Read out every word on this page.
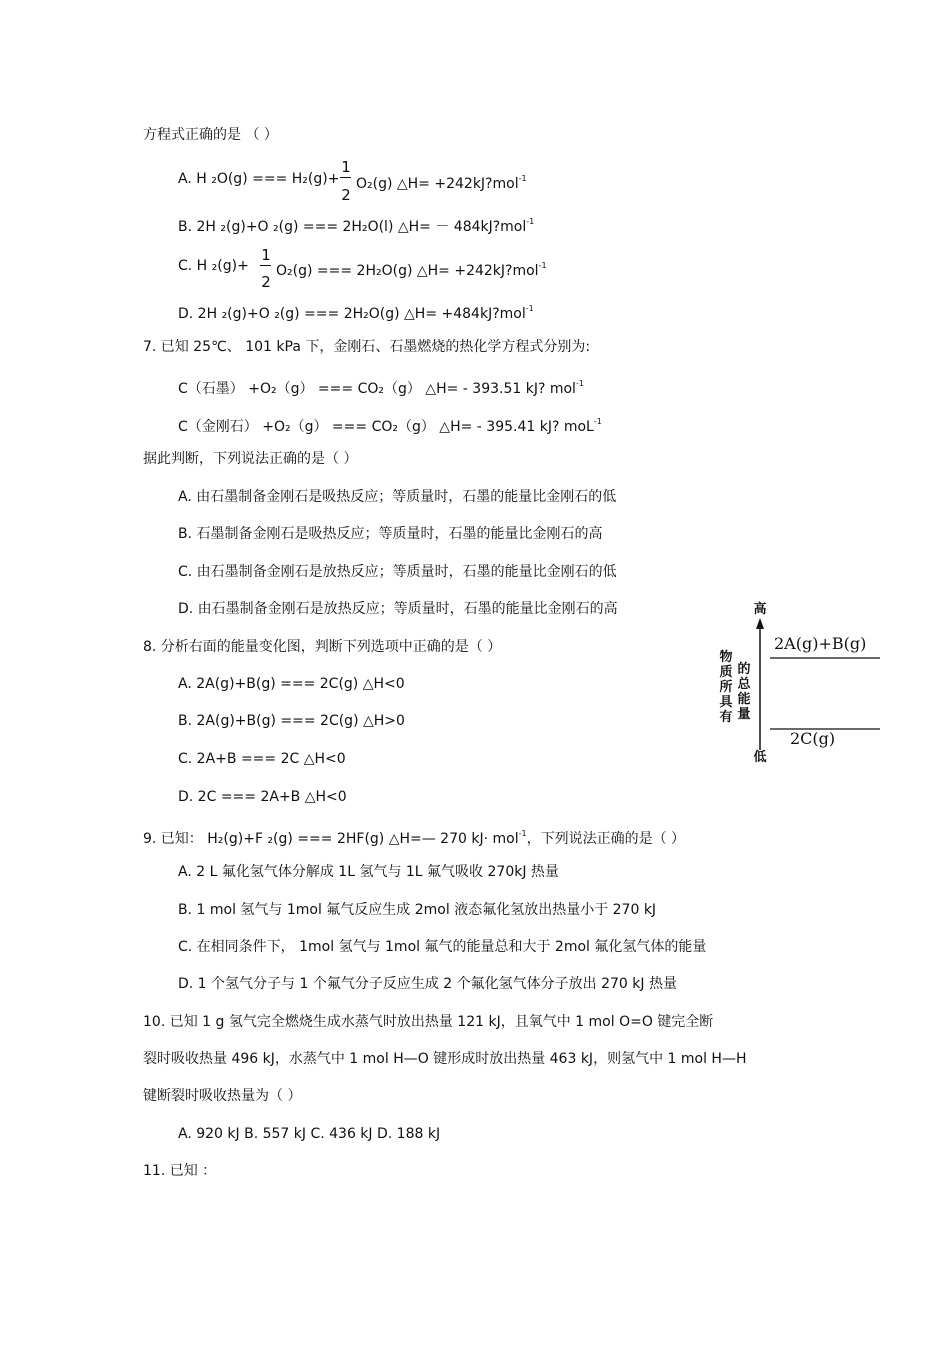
方程式正确的是 （ ）
A. H ₂O(g) === H₂(g)+
1
2
O₂(g) △H= +242kJ?mol$^{-1}$
B. 2H ₂(g)+O ₂(g) === 2H₂O(l) △H= － 484kJ?mol$^{-1}$
C. H ₂(g)+
1
2
O₂(g) === 2H₂O(g) △H= +242kJ?mol$^{-1}$
D. 2H ₂(g)+O ₂(g) === 2H₂O(g) △H= +484kJ?mol$^{-1}$
7. 已知 25℃、 101 kPa 下，金刚石、石墨燃烧的热化学方程式分别为:
C（石墨） +O₂（g） === CO₂（g） △H= - 393.51 kJ? mol$^{-1}$
C（金刚石） +O₂（g） === CO₂（g） △H= - 395.41 kJ? moL$^{-1}$
据此判断，下列说法正确的是（ ）
A. 由石墨制备金刚石是吸热反应；等质量时，石墨的能量比金刚石的低
B. 石墨制备金刚石是吸热反应；等质量时，石墨的能量比金刚石的高
C. 由石墨制备金刚石是放热反应；等质量时，石墨的能量比金刚石的低
D. 由石墨制备金刚石是放热反应；等质量时，石墨的能量比金刚石的高
8. 分析右面的能量变化图，判断下列选项中正确的是（ ）
A. 2A(g)+B(g) === 2C(g) △H<0
B. 2A(g)+B(g) === 2C(g) △H>0
C. 2A+B === 2C △H<0
D. 2C === 2A+B △H<0
高
低
物
质
所
具
有
的
总
能
量
2A(g)+B(g)
2C(g)
9. 已知： H₂(g)+F ₂(g) === 2HF(g) △H=— 270 kJ· mol$^{-1}$，下列说法正确的是（ ）
A. 2 L 氟化氢气体分解成 1L 氢气与 1L 氟气吸收 270kJ 热量
B. 1 mol 氢气与 1mol 氟气反应生成 2mol 液态氟化氢放出热量小于 270 kJ
C. 在相同条件下， 1mol 氢气与 1mol 氟气的能量总和大于 2mol 氟化氢气体的能量
D. 1 个氢气分子与 1 个氟气分子反应生成 2 个氟化氢气体分子放出 270 kJ 热量
10. 已知 1 g 氢气完全燃烧生成水蒸气时放出热量 121 kJ，且氧气中 1 mol O=O 键完全断
裂时吸收热量 496 kJ，水蒸气中 1 mol H—O 键形成时放出热量 463 kJ，则氢气中 1 mol H—H
键断裂时吸收热量为（ ）
A. 920 kJ B. 557 kJ C. 436 kJ D. 188 kJ
11. 已知 ：
